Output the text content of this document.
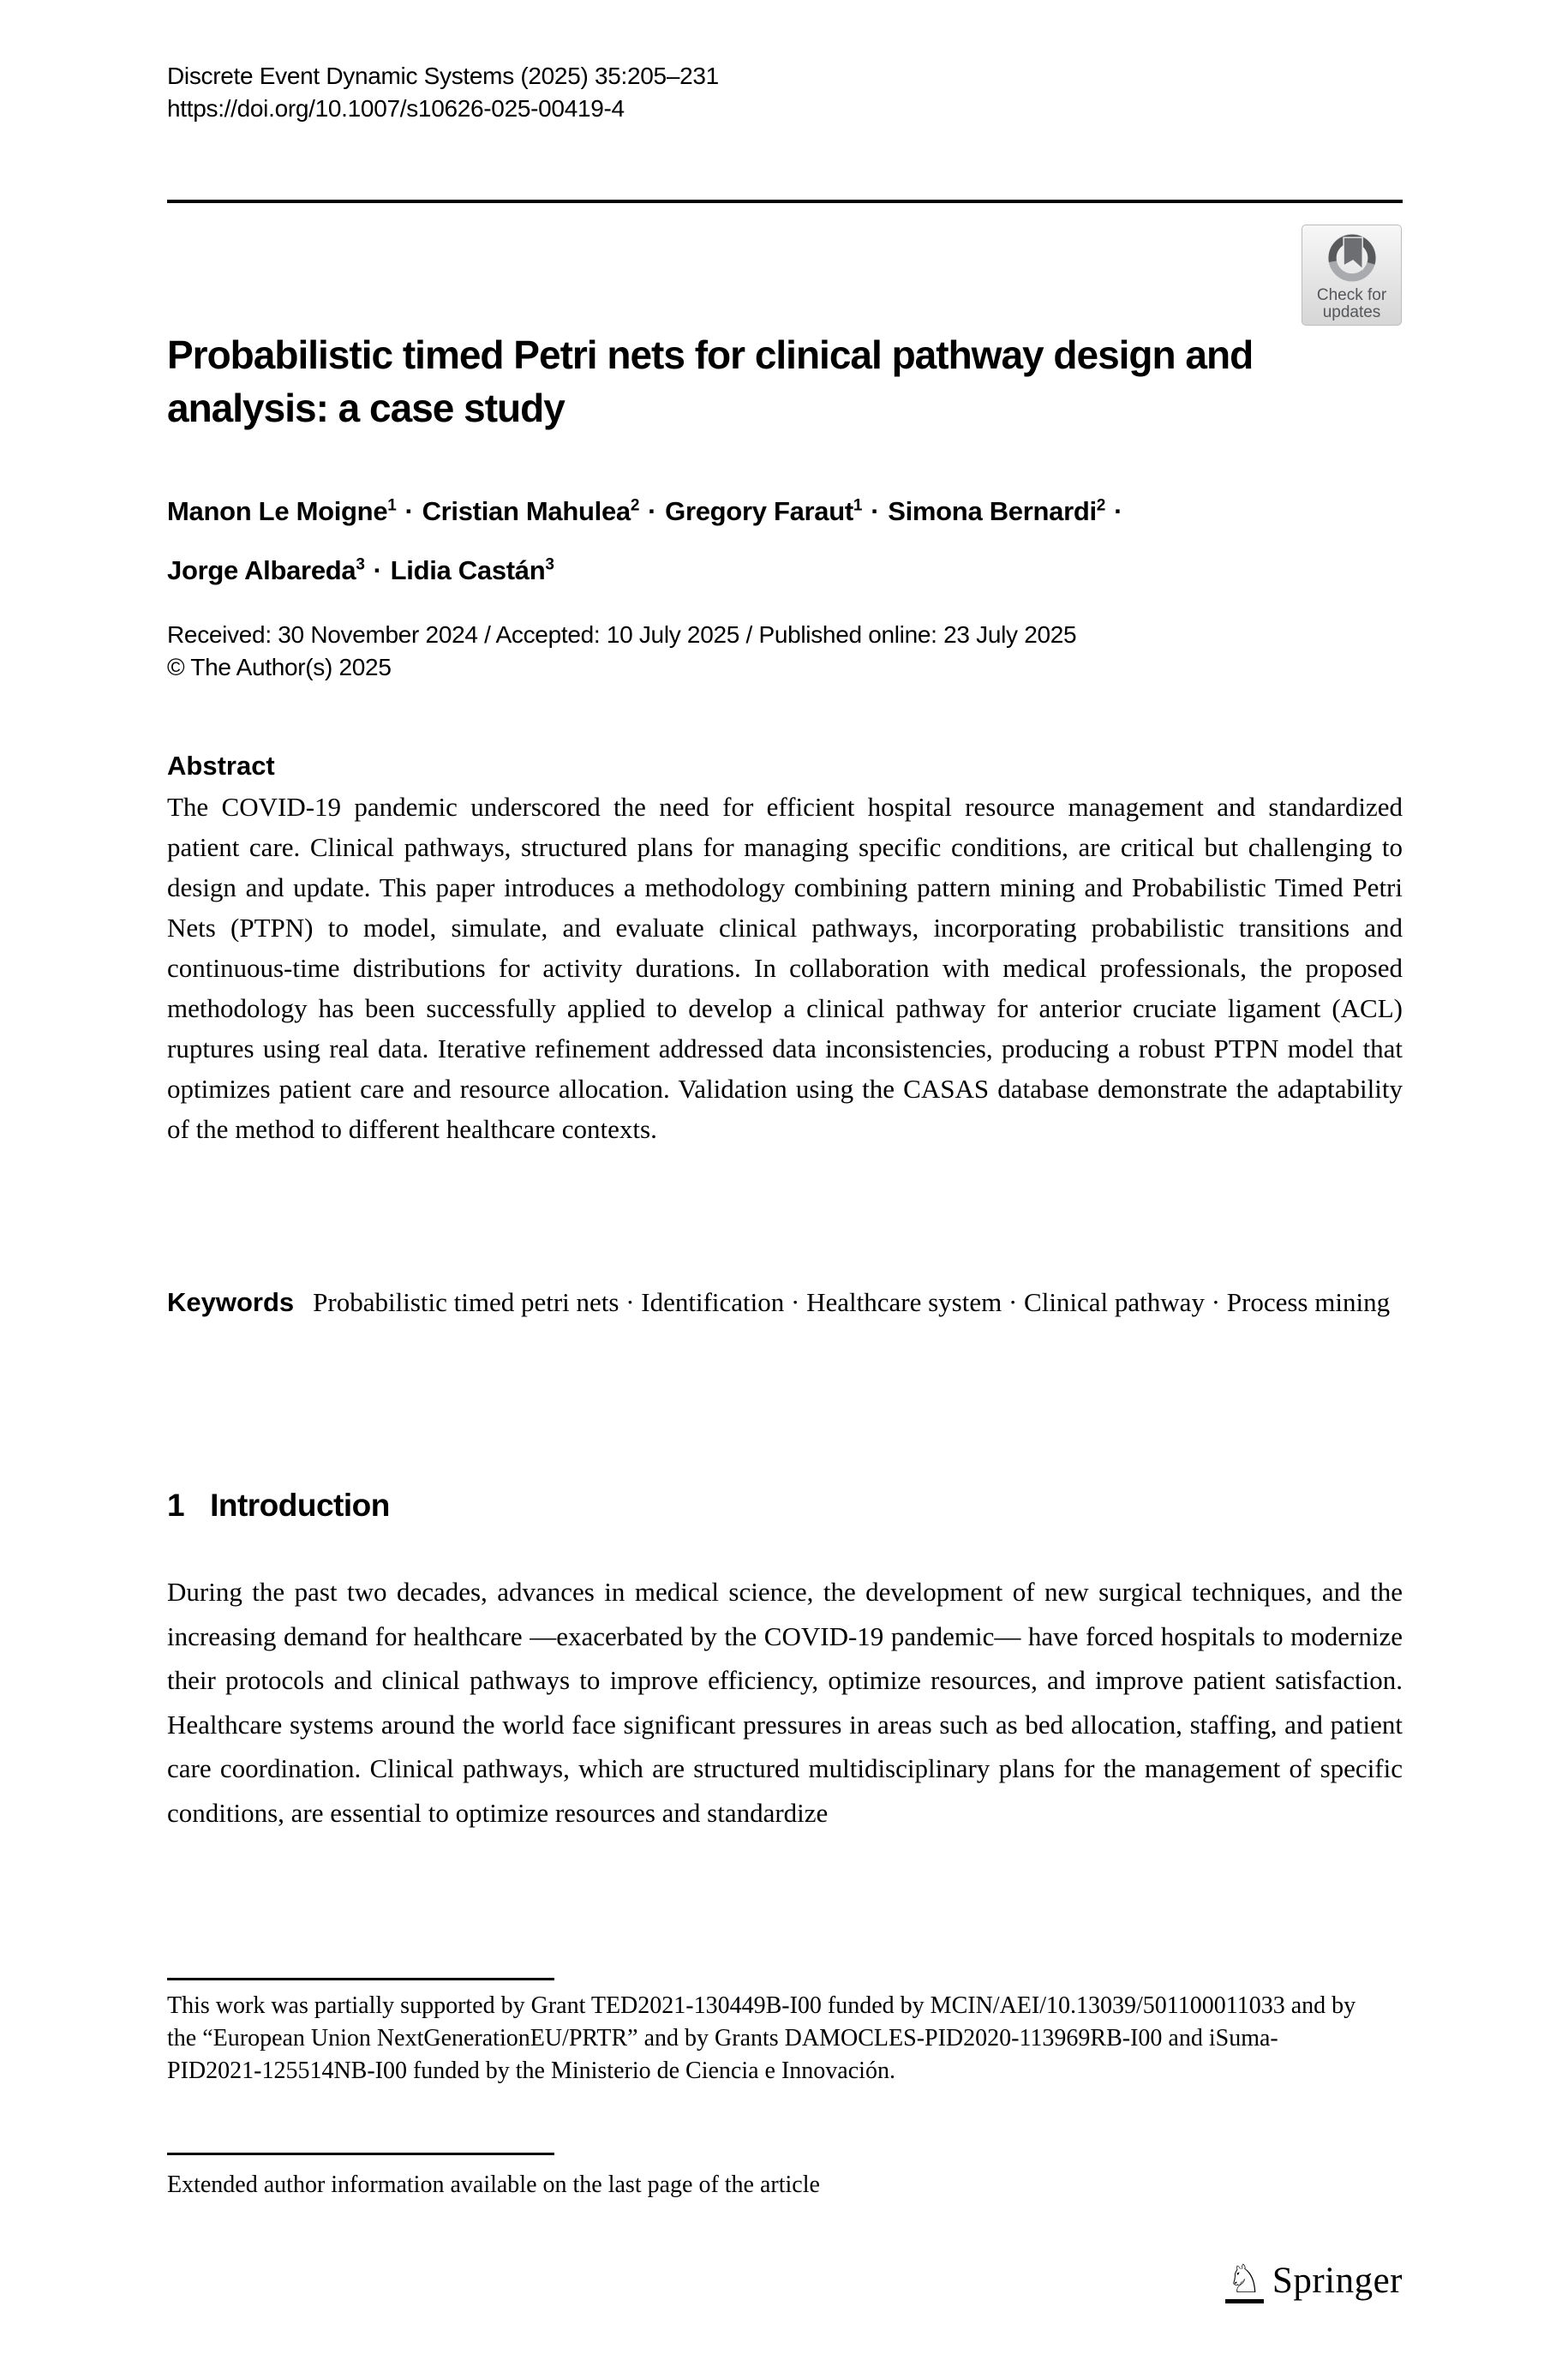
Discrete Event Dynamic Systems (2025) 35:205–231
https://doi.org/10.1007/s10626-025-00419-4
Check for
updates
Probabilistic timed Petri nets for clinical pathway design and analysis: a case study
Manon Le Moigne$^1$ · Cristian Mahulea$^2$ · Gregory Faraut$^1$ · Simona Bernardi$^2$ ·
Jorge Albareda$^3$ · Lidia Castán$^3$
Received: 30 November 2024 / Accepted: 10 July 2025 / Published online: 23 July 2025
© The Author(s) 2025
Abstract
The COVID-19 pandemic underscored the need for efficient hospital resource management and standardized patient care. Clinical pathways, structured plans for managing specific conditions, are critical but challenging to design and update. This paper introduces a methodology combining pattern mining and Probabilistic Timed Petri Nets (PTPN) to model, simulate, and evaluate clinical pathways, incorporating probabilistic transitions and continuous-time distributions for activity durations. In collaboration with medical professionals, the proposed methodology has been successfully applied to develop a clinical pathway for anterior cruciate ligament (ACL) ruptures using real data. Iterative refinement addressed data inconsistencies, producing a robust PTPN model that optimizes patient care and resource allocation. Validation using the CASAS database demonstrate the adaptability of the method to different healthcare contexts.
Keywords Probabilistic timed petri nets · Identification · Healthcare system · Clinical pathway · Process mining
1 Introduction
During the past two decades, advances in medical science, the development of new surgical techniques, and the increasing demand for healthcare —exacerbated by the COVID-19 pandemic— have forced hospitals to modernize their protocols and clinical pathways to improve efficiency, optimize resources, and improve patient satisfaction. Healthcare systems around the world face significant pressures in areas such as bed allocation, staffing, and patient care coordination. Clinical pathways, which are structured multidisciplinary plans for the management of specific conditions, are essential to optimize resources and standardize
This work was partially supported by Grant TED2021-130449B-I00 funded by MCIN/AEI/10.13039/501100011033 and by the “European Union NextGenerationEU/PRTR” and by Grants DAMOCLES-PID2020-113969RB-I00 and iSuma-PID2021-125514NB-I00 funded by the Ministerio de Ciencia e Innovación.
Extended author information available on the last page of the article
♘ Springer
